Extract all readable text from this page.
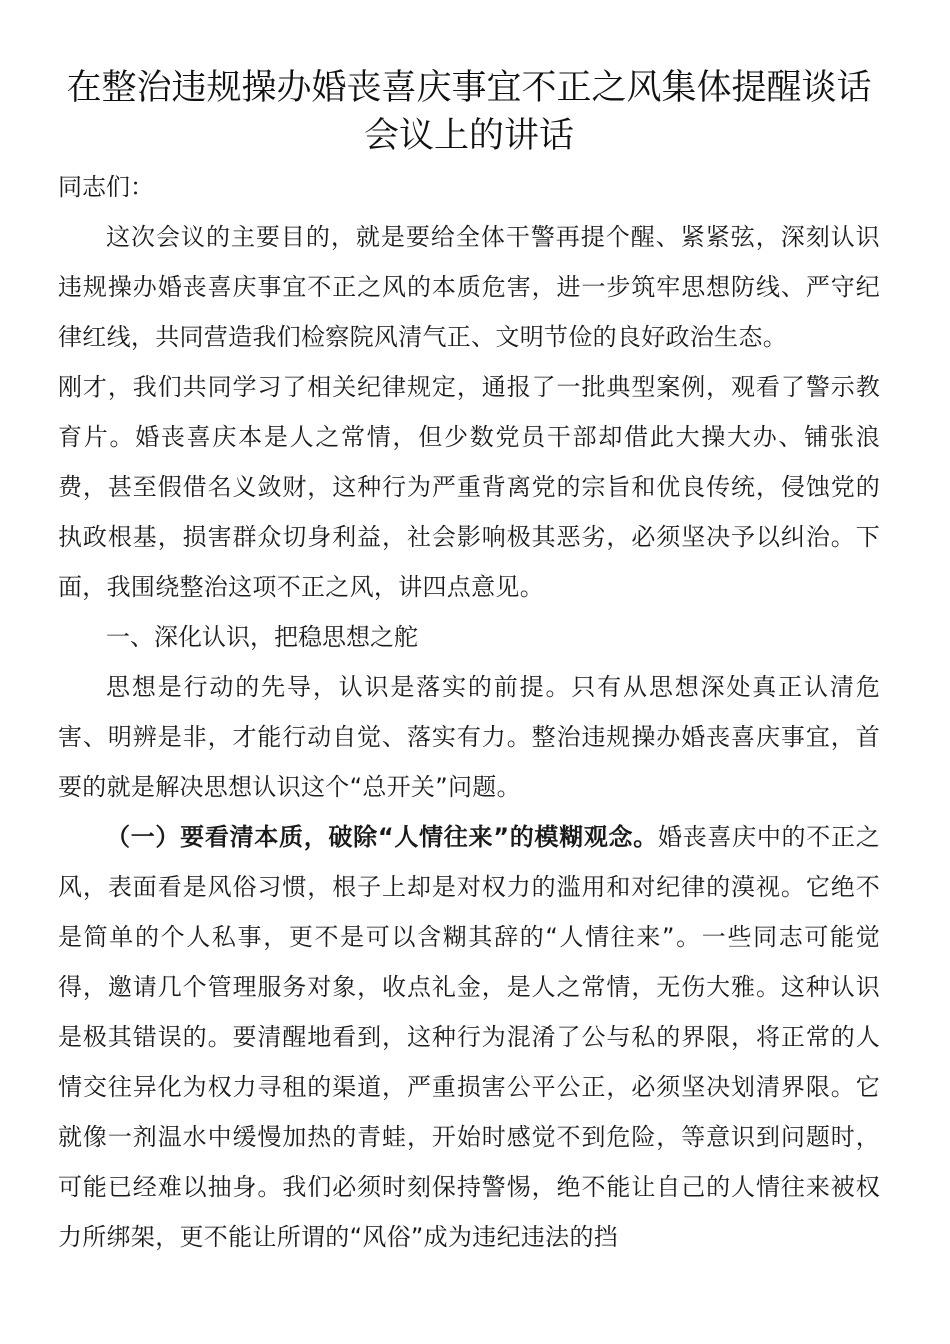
在整治违规操办婚丧喜庆事宜不正之风集体提醒谈话
会议上的讲话

同志们：

这次会议的主要目的，就是要给全体干警再提个醒、紧紧弦，深刻认识违规操办婚丧喜庆事宜不正之风的本质危害，进一步筑牢思想防线、严守纪律红线，共同营造我们检察院风清气正、文明节俭的良好政治生态。

刚才，我们共同学习了相关纪律规定，通报了一批典型案例，观看了警示教育片。婚丧喜庆本是人之常情，但少数党员干部却借此大操大办、铺张浪费，甚至假借名义敛财，这种行为严重背离党的宗旨和优良传统，侵蚀党的执政根基，损害群众切身利益，社会影响极其恶劣，必须坚决予以纠治。下面，我围绕整治这项不正之风，讲四点意见。

一、深化认识，把稳思想之舵

思想是行动的先导，认识是落实的前提。只有从思想深处真正认清危害、明辨是非，才能行动自觉、落实有力。整治违规操办婚丧喜庆事宜，首要的就是解决思想认识这个“总开关”问题。

（一）要看清本质，破除“人情往来”的模糊观念。婚丧喜庆中的不正之风，表面看是风俗习惯，根子上却是对权力的滥用和对纪律的漠视。它绝不是简单的个人私事，更不是可以含糊其辞的“人情往来”。一些同志可能觉得，邀请几个管理服务对象，收点礼金，是人之常情，无伤大雅。这种认识是极其错误的。要清醒地看到，这种行为混淆了公与私的界限，将正常的人情交往异化为权力寻租的渠道，严重损害公平公正，必须坚决划清界限。它就像一剂温水中缓慢加热的青蛙，开始时感觉不到危险，等意识到问题时，可能已经难以抽身。我们必须时刻保持警惕，绝不能让自己的人情往来被权力所绑架，更不能让所谓的“风俗”成为违纪违法的挡
